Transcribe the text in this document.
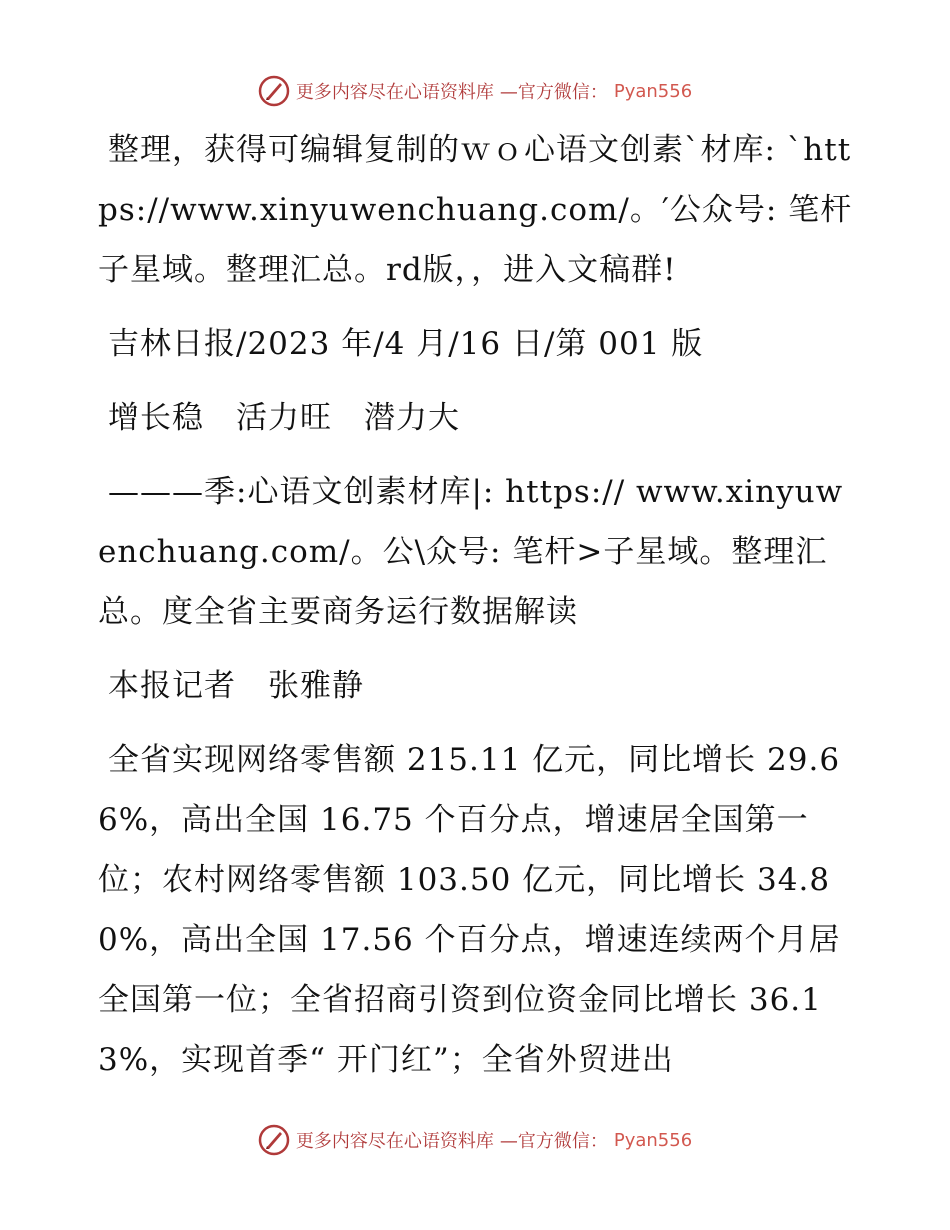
更多内容尽在心语资料库 —官方微信： Pyan556

整理，获得可编辑复制的ｗｏ心语文创素`材库: `https://www.xinyuwenchuang.com/。′公众号: 笔杆子星域。整理汇总。rd版，，进入文稿群!

吉林日报/2023 年/4 月/16 日/第 001 版

增长稳　活力旺　潜力大

———季:心语文创素材库|: https:// www.xinyuwenchuang.com/。公\众号: 笔杆>子星域。整理汇总。度全省主要商务运行数据解读

本报记者　张雅静

全省实现网络零售额 215.11 亿元，同比增长 29.66%，高出全国 16.75 个百分点，增速居全国第一位；农村网络零售额 103.50 亿元，同比增长 34.80%，高出全国 17.56 个百分点，增速连续两个月居全国第一位；全省招商引资到位资金同比增长 36.13%，实现首季“ 开门红”；全省外贸进出

更多内容尽在心语资料库 —官方微信： Pyan556
